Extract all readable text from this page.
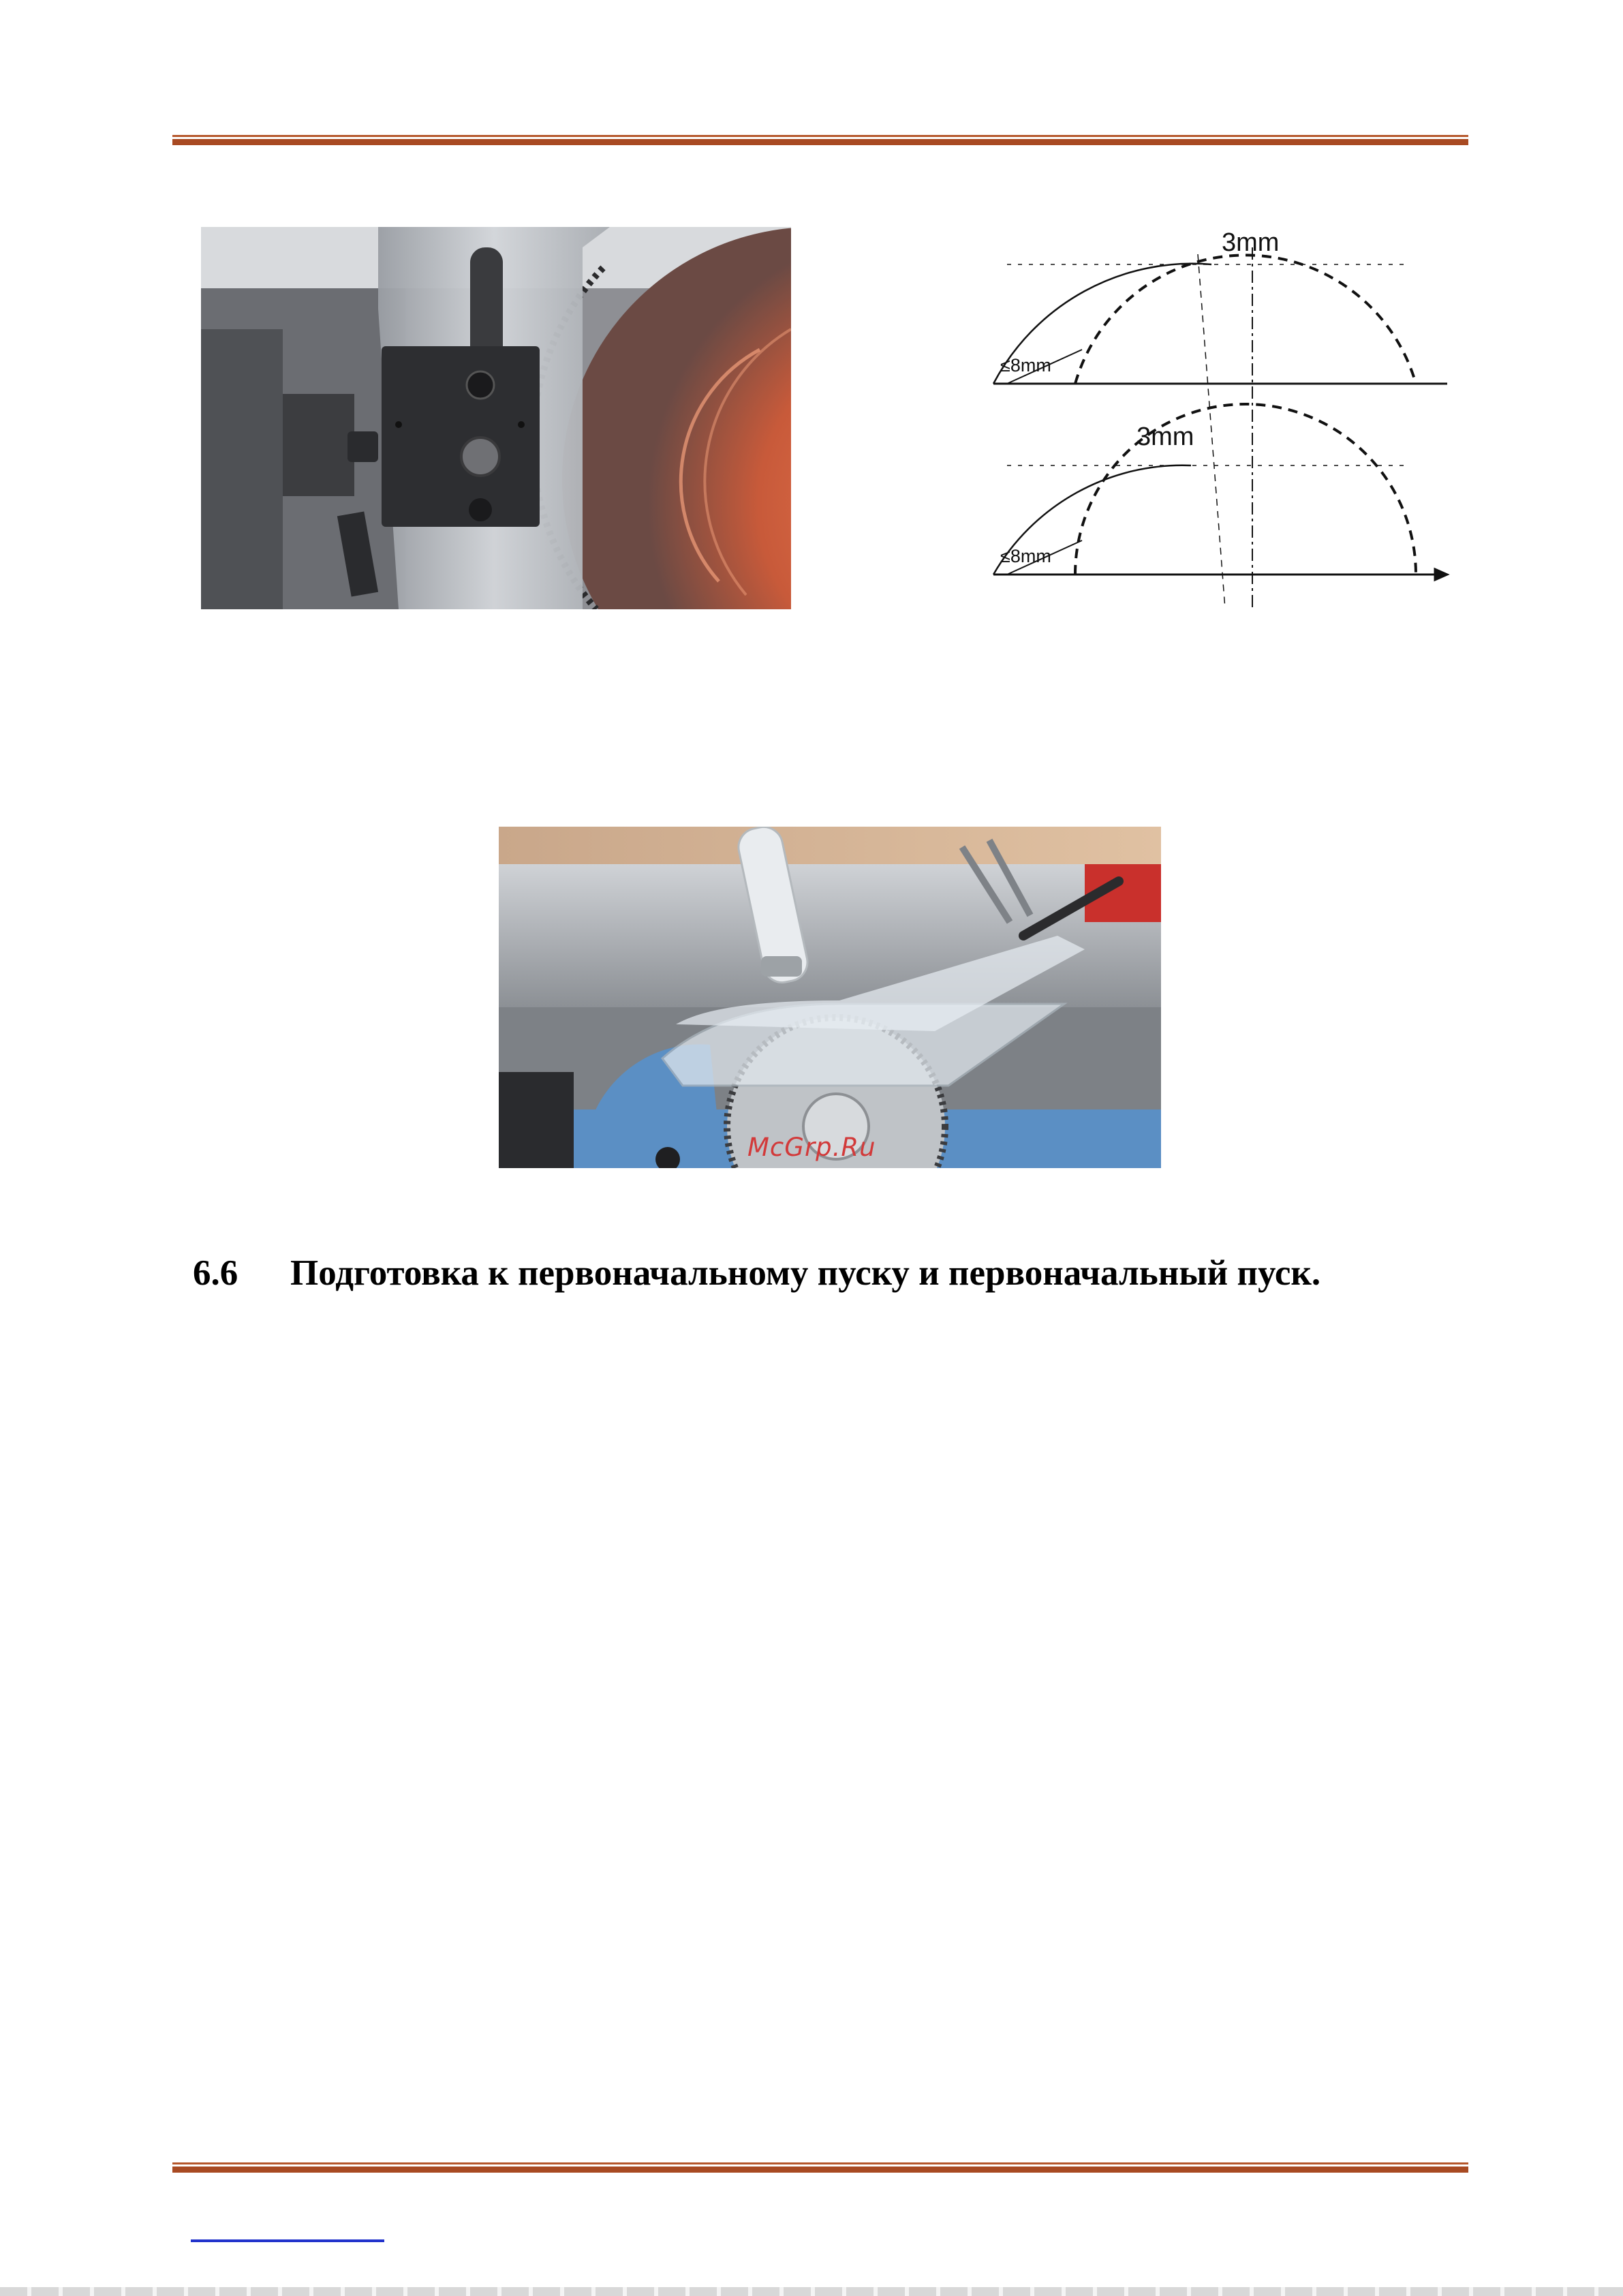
3mm
3mm
≤8mm
≤8mm
McGrp.Ru
6.6 Подготовка к первоначальному пуску и первоначальный пуск.
